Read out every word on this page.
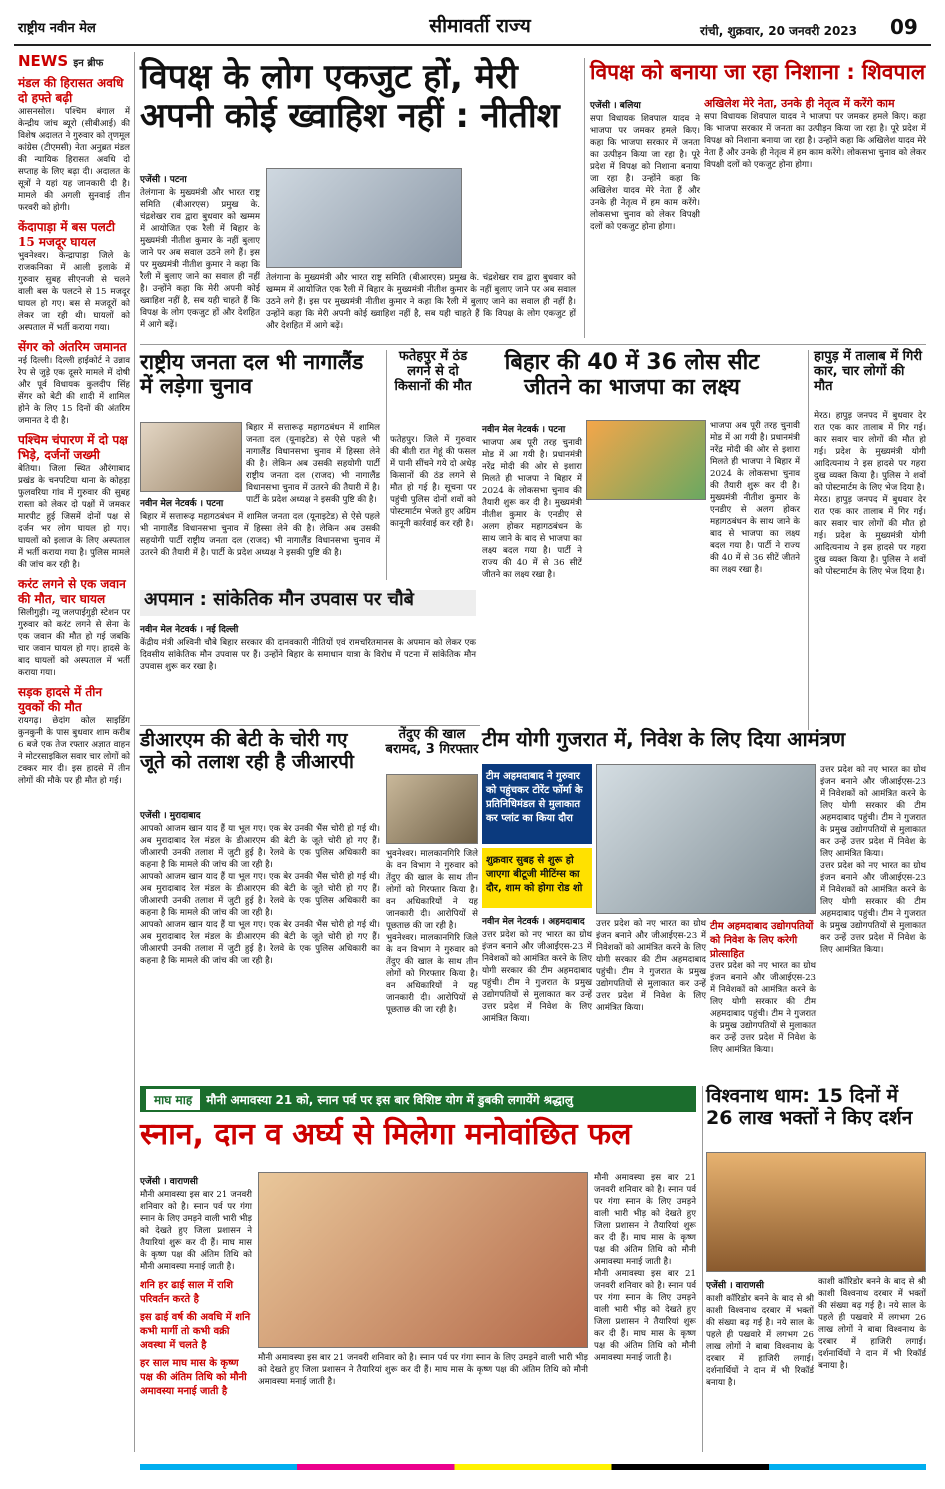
राष्ट्रीय नवीन मेल	सीमावर्ती राज्य	रांची, शुक्रवार, 20 जनवरी 2023 09
NEWS इन ब्रीफ
मंडल की हिरासत अवधि दो हफ्ते बढ़ी

आसनसोल। पश्चिम बंगाल में केन्द्रीय जांच ब्यूरो (सीबीआई) की विशेष अदालत ने गुरुवार को तृणमूल कांग्रेस (टीएमसी) नेता अनुब्रत मंडल की न्यायिक हिरासत अवधि दो सप्ताह के लिए बढ़ा दी। अदालत के सूत्रों ने यहां यह जानकारी दी है। मामले की अगली सुनवाई तीन फरवरी को होगी।

केंदापाड़ा में बस पलटी 15 मजदूर घायल

भुवनेश्वर। केन्द्रापाड़ा जिले के राजकनिका में आली इलाके में गुरुवार सुबह सीएनजी से चलने वाली बस के पलटने से 15 मजदूर घायल हो गए। बस से मजदूरों को लेकर जा रही थी। घायलों को अस्पताल में भर्ती कराया गया।

सेंगर को अंतरिम जमानत

नई दिल्ली। दिल्ली हाईकोर्ट ने उन्नाव रेप से जुड़े एक दूसरे मामले में दोषी और पूर्व विधायक कुलदीप सिंह सेंगर को बेटी की शादी में शामिल होने के लिए 15 दिनों की अंतरिम जमानत दे दी है।

पश्चिम चंपारण में दो पक्ष भिड़े, दर्जनों जख्मी

बेतिया। जिला स्थित औरंगाबाद प्रखंड के चनपटिया थाना के कोहड़ा फुलवरिया गांव में गुरुवार की सुबह रास्ता को लेकर दो पक्षों में जमकर मारपीट हुई जिसमें दोनों पक्ष से दर्जन भर लोग घायल हो गए। घायलों को इलाज के लिए अस्पताल में भर्ती कराया गया है। पुलिस मामले की जांच कर रही है।

करंट लगने से एक जवान की मौत, चार घायल

सिलीगुड़ी। न्यू जलपाईगुड़ी स्टेशन पर गुरुवार को करंट लगने से सेना के एक जवान की मौत हो गई जबकि चार जवान घायल हो गए। हादसे के बाद घायलों को अस्पताल में भर्ती कराया गया।

सड़क हादसे में तीन युवकों की मौत

रायगढ़। छेदांग कोल साइडिंग कुनकुनी के पास बुधवार शाम करीब 6 बजे एक तेज रफ्तार अज्ञात वाहन ने मोटरसाइकिल सवार चार लोगों को टक्कर मार दी। इस हादसे में तीन लोगों की मौके पर ही मौत हो गई।

विपक्ष के लोग एकजुट हों, मेरी अपनी कोई ख्वाहिश नहीं : नीतीश
एजेंसी । पटना

तेलंगाना के मुख्यमंत्री और भारत राष्ट्र समिति (बीआरएस) प्रमुख के. चंद्रशेखर राव द्वारा बुधवार को खम्मम में आयोजित एक रैली में बिहार के मुख्यमंत्री नीतीश कुमार के नहीं बुलाए जाने पर अब सवाल उठने लगे हैं। इस पर मुख्यमंत्री नीतीश कुमार ने कहा कि रैली में बुलाए जाने का सवाल ही नहीं है। उन्होंने कहा कि मेरी अपनी कोई ख्वाहिश नहीं है, सब यही चाहते हैं कि विपक्ष के लोग एकजुट हों और देशहित में आगे बढ़ें।

तेलंगाना के मुख्यमंत्री और भारत राष्ट्र समिति (बीआरएस) प्रमुख के. चंद्रशेखर राव द्वारा बुधवार को खम्मम में आयोजित एक रैली में बिहार के मुख्यमंत्री नीतीश कुमार के नहीं बुलाए जाने पर अब सवाल उठने लगे हैं। इस पर मुख्यमंत्री नीतीश कुमार ने कहा कि रैली में बुलाए जाने का सवाल ही नहीं है। उन्होंने कहा कि मेरी अपनी कोई ख्वाहिश नहीं है, सब यही चाहते हैं कि विपक्ष के लोग एकजुट हों और देशहित में आगे बढ़ें।

विपक्ष को बनाया जा रहा निशाना : शिवपाल
एजेंसी । बलिया

सपा विधायक शिवपाल यादव ने भाजपा पर जमकर हमले किए। कहा कि भाजपा सरकार में जनता का उत्पीड़न किया जा रहा है। पूरे प्रदेश में विपक्ष को निशाना बनाया जा रहा है। उन्होंने कहा कि अखिलेश यादव मेरे नेता हैं और उनके ही नेतृत्व में हम काम करेंगे। लोकसभा चुनाव को लेकर विपक्षी दलों को एकजुट होना होगा।

अखिलेश मेरे नेता, उनके ही नेतृत्व में करेंगे काम

सपा विधायक शिवपाल यादव ने भाजपा पर जमकर हमले किए। कहा कि भाजपा सरकार में जनता का उत्पीड़न किया जा रहा है। पूरे प्रदेश में विपक्ष को निशाना बनाया जा रहा है। उन्होंने कहा कि अखिलेश यादव मेरे नेता हैं और उनके ही नेतृत्व में हम काम करेंगे। लोकसभा चुनाव को लेकर विपक्षी दलों को एकजुट होना होगा।

राष्ट्रीय जनता दल भी नागालैंड में लड़ेगा चुनाव
नवीन मेल नेटवर्क । पटना

बिहार में सत्तारूढ़ महागठबंधन में शामिल जनता दल (यूनाइटेड) से ऐसे पहले भी नागालैंड विधानसभा चुनाव में हिस्सा लेने की है। लेकिन अब उसकी सहयोगी पार्टी राष्ट्रीय जनता दल (राजद) भी नागालैंड विधानसभा चुनाव में उतरने की तैयारी में है। पार्टी के प्रदेश अध्यक्ष ने इसकी पुष्टि की है।

बिहार में सत्तारूढ़ महागठबंधन में शामिल जनता दल (यूनाइटेड) से ऐसे पहले भी नागालैंड विधानसभा चुनाव में हिस्सा लेने की है। लेकिन अब उसकी सहयोगी पार्टी राष्ट्रीय जनता दल (राजद) भी नागालैंड विधानसभा चुनाव में उतरने की तैयारी में है। पार्टी के प्रदेश अध्यक्ष ने इसकी पुष्टि की है।

फतेहपुर में ठंड लगने से दो किसानों की मौत

फतेहपुर। जिले में गुरुवार की बीती रात गेहूं की फसल में पानी सींचने गये दो अधेड़ किसानों की ठंड लगने से मौत हो गई है। सूचना पर पहुंची पुलिस दोनों शवों को पोस्टमार्टम भेजते हुए अग्रिम कानूनी कार्रवाई कर रही है।

बिहार की 40 में 36 लोस सीट जीतने का भाजपा का लक्ष्य
नवीन मेल नेटवर्क । पटना

भाजपा अब पूरी तरह चुनावी मोड में आ गयी है। प्रधानमंत्री नरेंद्र मोदी की ओर से इशारा मिलते ही भाजपा ने बिहार में 2024 के लोकसभा चुनाव की तैयारी शुरू कर दी है। मुख्यमंत्री नीतीश कुमार के एनडीए से अलग होकर महागठबंधन के साथ जाने के बाद से भाजपा का लक्ष्य बदल गया है। पार्टी ने राज्य की 40 में से 36 सीटें जीतने का लक्ष्य रखा है।

भाजपा अब पूरी तरह चुनावी मोड में आ गयी है। प्रधानमंत्री नरेंद्र मोदी की ओर से इशारा मिलते ही भाजपा ने बिहार में 2024 के लोकसभा चुनाव की तैयारी शुरू कर दी है। मुख्यमंत्री नीतीश कुमार के एनडीए से अलग होकर महागठबंधन के साथ जाने के बाद से भाजपा का लक्ष्य बदल गया है। पार्टी ने राज्य की 40 में से 36 सीटें जीतने का लक्ष्य रखा है।

हापुड़ में तालाब में गिरी कार, चार लोगों की मौत

मेरठ। हापुड़ जनपद में बुधवार देर रात एक कार तालाब में गिर गई। कार सवार चार लोगों की मौत हो गई। प्रदेश के मुख्यमंत्री योगी आदित्यनाथ ने इस हादसे पर गहरा दुख व्यक्त किया है। पुलिस ने शवों को पोस्टमार्टम के लिए भेज दिया है।

मेरठ। हापुड़ जनपद में बुधवार देर रात एक कार तालाब में गिर गई। कार सवार चार लोगों की मौत हो गई। प्रदेश के मुख्यमंत्री योगी आदित्यनाथ ने इस हादसे पर गहरा दुख व्यक्त किया है। पुलिस ने शवों को पोस्टमार्टम के लिए भेज दिया है।

अपमान : सांकेतिक मौन उपवास पर चौबे
नवीन मेल नेटवर्क । नई दिल्ली

केंद्रीय मंत्री अश्विनी चौबे बिहार सरकार की दानवकारी नीतियों एवं रामचरितमानस के अपमान को लेकर एक दिवसीय सांकेतिक मौन उपवास पर हैं। उन्होंने बिहार के समाधान यात्रा के विरोध में पटना में सांकेतिक मौन उपवास शुरू कर रखा है।

डीआरएम की बेटी के चोरी गए जूते को तलाश रही है जीआरपी
एजेंसी । मुरादाबाद

आपको आजम खान याद हैं या भूल गए। एक बेर उनकी भैंस चोरी हो गई थी। अब मुरादाबाद रेल मंडल के डीआरएम की बेटी के जूते चोरी हो गए हैं। जीआरपी उनकी तलाश में जुटी हुई है। रेलवे के एक पुलिस अधिकारी का कहना है कि मामले की जांच की जा रही है।

आपको आजम खान याद हैं या भूल गए। एक बेर उनकी भैंस चोरी हो गई थी। अब मुरादाबाद रेल मंडल के डीआरएम की बेटी के जूते चोरी हो गए हैं। जीआरपी उनकी तलाश में जुटी हुई है। रेलवे के एक पुलिस अधिकारी का कहना है कि मामले की जांच की जा रही है।

आपको आजम खान याद हैं या भूल गए। एक बेर उनकी भैंस चोरी हो गई थी। अब मुरादाबाद रेल मंडल के डीआरएम की बेटी के जूते चोरी हो गए हैं। जीआरपी उनकी तलाश में जुटी हुई है। रेलवे के एक पुलिस अधिकारी का कहना है कि मामले की जांच की जा रही है।

तेंदुए की खाल बरामद, 3 गिरफ्तार

भुवनेश्वर। मालकानगिरि जिले के वन विभाग ने गुरुवार को तेंदुए की खाल के साथ तीन लोगों को गिरफ्तार किया है। वन अधिकारियों ने यह जानकारी दी। आरोपियों से पूछताछ की जा रही है।

भुवनेश्वर। मालकानगिरि जिले के वन विभाग ने गुरुवार को तेंदुए की खाल के साथ तीन लोगों को गिरफ्तार किया है। वन अधिकारियों ने यह जानकारी दी। आरोपियों से पूछताछ की जा रही है।

टीम योगी गुजरात में, निवेश के लिए दिया आमंत्रण
टीम अहमदाबाद ने गुरुवार को पहुंचकर टोरेंट फॉर्मा के प्रतिनिधिमंडल से मुलाकात कर प्लांट का किया दौरा
शुक्रवार सुबह से शुरू हो जाएगा बीटूजी मीटिंग्स का दौर, शाम को होगा रोड शो
नवीन मेल नेटवर्क । अहमदाबाद

उत्तर प्रदेश को नए भारत का ग्रोथ इंजन बनाने और जीआईएस-23 में निवेशकों को आमंत्रित करने के लिए योगी सरकार की टीम अहमदाबाद पहुंची। टीम ने गुजरात के प्रमुख उद्योगपतियों से मुलाकात कर उन्हें उत्तर प्रदेश में निवेश के लिए आमंत्रित किया।

उत्तर प्रदेश को नए भारत का ग्रोथ इंजन बनाने और जीआईएस-23 में निवेशकों को आमंत्रित करने के लिए योगी सरकार की टीम अहमदाबाद पहुंची। टीम ने गुजरात के प्रमुख उद्योगपतियों से मुलाकात कर उन्हें उत्तर प्रदेश में निवेश के लिए आमंत्रित किया।

टीम अहमदाबाद उद्योगपतियों को निवेश के लिए करेगी प्रोत्साहित

उत्तर प्रदेश को नए भारत का ग्रोथ इंजन बनाने और जीआईएस-23 में निवेशकों को आमंत्रित करने के लिए योगी सरकार की टीम अहमदाबाद पहुंची। टीम ने गुजरात के प्रमुख उद्योगपतियों से मुलाकात कर उन्हें उत्तर प्रदेश में निवेश के लिए आमंत्रित किया।

उत्तर प्रदेश को नए भारत का ग्रोथ इंजन बनाने और जीआईएस-23 में निवेशकों को आमंत्रित करने के लिए योगी सरकार की टीम अहमदाबाद पहुंची। टीम ने गुजरात के प्रमुख उद्योगपतियों से मुलाकात कर उन्हें उत्तर प्रदेश में निवेश के लिए आमंत्रित किया।

उत्तर प्रदेश को नए भारत का ग्रोथ इंजन बनाने और जीआईएस-23 में निवेशकों को आमंत्रित करने के लिए योगी सरकार की टीम अहमदाबाद पहुंची। टीम ने गुजरात के प्रमुख उद्योगपतियों से मुलाकात कर उन्हें उत्तर प्रदेश में निवेश के लिए आमंत्रित किया।

माघ माह	मौनी अमावस्या 21 को, स्नान पर्व पर इस बार विशिष्ट योग में डुबकी लगायेंगे श्रद्धालु
स्नान, दान व अर्घ्य से मिलेगा मनोवांछित फल
एजेंसी । वाराणसी

मौनी अमावस्या इस बार 21 जनवरी शनिवार को है। स्नान पर्व पर गंगा स्नान के लिए उमड़ने वाली भारी भीड़ को देखते हुए जिला प्रशासन ने तैयारियां शुरू कर दी हैं। माघ मास के कृष्ण पक्ष की अंतिम तिथि को मौनी अमावस्या मनाई जाती है।

शनि हर ढाई साल में राशि परिवर्तन करते है
इस ढाई वर्ष की अवधि में शनि कभी मार्गी तो कभी वक्री अवस्था में चलते है
हर साल माघ मास के कृष्ण पक्ष की अंतिम तिथि को मौनी अमावस्या मनाई जाती है

मौनी अमावस्या इस बार 21 जनवरी शनिवार को है। स्नान पर्व पर गंगा स्नान के लिए उमड़ने वाली भारी भीड़ को देखते हुए जिला प्रशासन ने तैयारियां शुरू कर दी हैं। माघ मास के कृष्ण पक्ष की अंतिम तिथि को मौनी अमावस्या मनाई जाती है।

मौनी अमावस्या इस बार 21 जनवरी शनिवार को है। स्नान पर्व पर गंगा स्नान के लिए उमड़ने वाली भारी भीड़ को देखते हुए जिला प्रशासन ने तैयारियां शुरू कर दी हैं। माघ मास के कृष्ण पक्ष की अंतिम तिथि को मौनी अमावस्या मनाई जाती है।

मौनी अमावस्या इस बार 21 जनवरी शनिवार को है। स्नान पर्व पर गंगा स्नान के लिए उमड़ने वाली भारी भीड़ को देखते हुए जिला प्रशासन ने तैयारियां शुरू कर दी हैं। माघ मास के कृष्ण पक्ष की अंतिम तिथि को मौनी अमावस्या मनाई जाती है।

विश्वनाथ धाम: 15 दिनों में 26 लाख भक्तों ने किए दर्शन
एजेंसी । वाराणसी

काशी कॉरिडोर बनने के बाद से श्री काशी विश्वनाथ दरबार में भक्तों की संख्या बढ़ गई है। नये साल के पहले ही पखवारे में लगभग 26 लाख लोगों ने बाबा विश्वनाथ के दरबार में हाजिरी लगाई। दर्शनार्थियों ने दान में भी रिकॉर्ड बनाया है।

काशी कॉरिडोर बनने के बाद से श्री काशी विश्वनाथ दरबार में भक्तों की संख्या बढ़ गई है। नये साल के पहले ही पखवारे में लगभग 26 लाख लोगों ने बाबा विश्वनाथ के दरबार में हाजिरी लगाई। दर्शनार्थियों ने दान में भी रिकॉर्ड बनाया है।
